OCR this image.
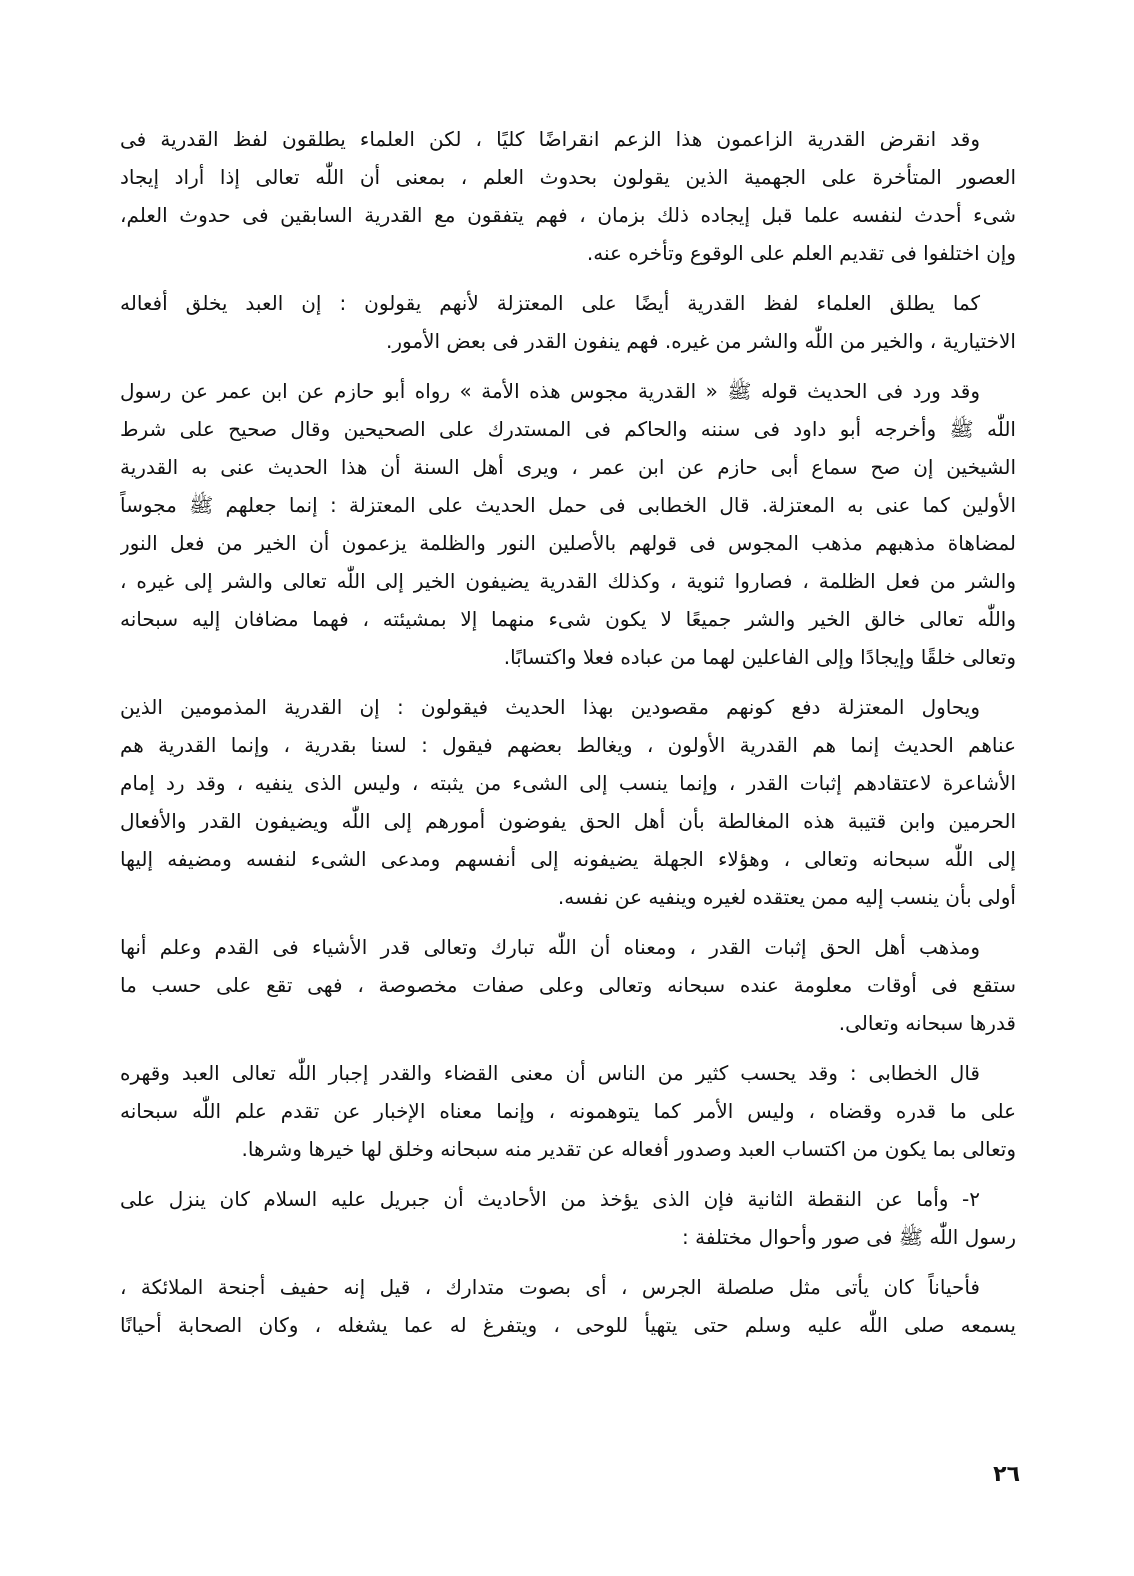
وقد انقرض القدرية الزاعمون هذا الزعم انقراضًا كليًا ، لكن العلماء يطلقون لفظ القدرية فى
العصور المتأخرة على الجهمية الذين يقولون بحدوث العلم ، بمعنى أن اللّٰه تعالى إذا أراد إيجاد
شىء أحدث لنفسه علما قبل إيجاده ذلك بزمان ، فهم يتفقون مع القدرية السابقين فى حدوث العلم،
وإن اختلفوا فى تقديم العلم على الوقوع وتأخره عنه.

كما يطلق العلماء لفظ القدرية أيضًا على المعتزلة لأنهم يقولون : إن العبد يخلق أفعاله
الاختيارية ، والخير من اللّٰه والشر من غيره. فهم ينفون القدر فى بعض الأمور.

وقد ورد فى الحديث قوله ﷺ « القدرية مجوس هذه الأمة » رواه أبو حازم عن ابن عمر عن رسول
اللّٰه ﷺ وأخرجه أبو داود فى سننه والحاكم فى المستدرك على الصحيحين وقال صحيح على شرط
الشيخين إن صح سماع أبى حازم عن ابن عمر ، ويرى أهل السنة أن هذا الحديث عنى به القدرية
الأولين كما عنى به المعتزلة. قال الخطابى فى حمل الحديث على المعتزلة : إنما جعلهم ﷺ مجوساً
لمضاهاة مذهبهم مذهب المجوس فى قولهم بالأصلين النور والظلمة يزعمون أن الخير من فعل النور
والشر من فعل الظلمة ، فصاروا ثنوية ، وكذلك القدرية يضيفون الخير إلى اللّٰه تعالى والشر إلى غيره ،
واللّٰه تعالى خالق الخير والشر جميعًا لا يكون شىء منهما إلا بمشيئته ، فهما مضافان إليه سبحانه
وتعالى خلقًا وإيجادًا وإلى الفاعلين لهما من عباده فعلا واكتسابًا.

ويحاول المعتزلة دفع كونهم مقصودين بهذا الحديث فيقولون : إن القدرية المذمومين الذين
عناهم الحديث إنما هم القدرية الأولون ، ويغالط بعضهم فيقول : لسنا بقدرية ، وإنما القدرية هم
الأشاعرة لاعتقادهم إثبات القدر ، وإنما ينسب إلى الشىء من يثبته ، وليس الذى ينفيه ، وقد رد إمام
الحرمين وابن قتيبة هذه المغالطة بأن أهل الحق يفوضون أمورهم إلى اللّٰه ويضيفون القدر والأفعال
إلى اللّٰه سبحانه وتعالى ، وهؤلاء الجهلة يضيفونه إلى أنفسهم ومدعى الشىء لنفسه ومضيفه إليها
أولى بأن ينسب إليه ممن يعتقده لغيره وينفيه عن نفسه.

ومذهب أهل الحق إثبات القدر ، ومعناه أن اللّٰه تبارك وتعالى قدر الأشياء فى القدم وعلم أنها
ستقع فى أوقات معلومة عنده سبحانه وتعالى وعلى صفات مخصوصة ، فهى تقع على حسب ما
قدرها سبحانه وتعالى.

قال الخطابى : وقد يحسب كثير من الناس أن معنى القضاء والقدر إجبار اللّٰه تعالى العبد وقهره
على ما قدره وقضاه ، وليس الأمر كما يتوهمونه ، وإنما معناه الإخبار عن تقدم علم اللّٰه سبحانه
وتعالى بما يكون من اكتساب العبد وصدور أفعاله عن تقدير منه سبحانه وخلق لها خيرها وشرها.

٢- وأما عن النقطة الثانية فإن الذى يؤخذ من الأحاديث أن جبريل عليه السلام كان ينزل على
رسول اللّٰه ﷺ فى صور وأحوال مختلفة :

فأحياناً كان يأتى مثل صلصلة الجرس ، أى بصوت متدارك ، قيل إنه حفيف أجنحة الملائكة ،
يسمعه صلى اللّٰه عليه وسلم حتى يتهيأ للوحى ، ويتفرغ له عما يشغله ، وكان الصحابة أحيانًا

٢٦
